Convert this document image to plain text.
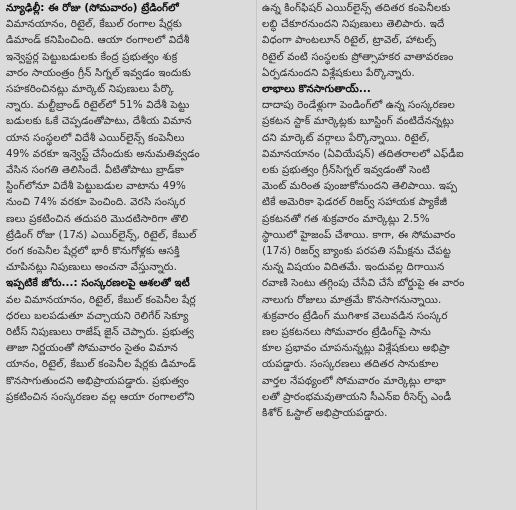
న్యూఢిల్లీ: ఈ రోజు (సోమవారం) ట్రేడింగ్‌లో
విమానయానం, రిటైల్, కేబుల్ రంగాల షేర్లకు
డిమాండ్ కనిపించింది. ఆయా రంగాలలో విదేశీ
ఇన్వెస్టర్ల పెట్టుబడులకు కేంద్ర ప్రభుత్వం శుక్ర
వారం సాయంత్రం గ్రీన్ సిగ్నల్ ఇవ్వడం ఇందుకు
సహకరించినట్లు మార్కెట్ నిపుణులు పేర్కొ
న్నారు. మల్టీబ్రాండ్ రిటైల్‌లో 51% విదేశీ పెట్టు
బడులకు ఓకే చెప్పడంతోపాటు, దేశీయ విమాన
యాన సంస్థలలో విదేశీ ఎయిర్‌లైన్స్ కంపెనీలు
49% వరకూ ఇన్వెస్ట్ చేసేందుకు అనుమతివ్వడం
వేసిన సంగతి తెలిసిందే. వీటితోపాటు బ్రాడ్‌కా
స్టింగ్‌లోనూ విదేశీ పెట్టుబడుల వాటాను 49%
నుంచి 74% వరకూ పెంచింది. వెరసి సంస్కర
ణలు ప్రకటించిన తదుపరి మొదటిసారిగా తొలి
ట్రేడింగ్ రోజు (17న) ఎయిర్‌లైన్స్, రిటైల్, కేబుల్
రంగ కంపెనీల షేర్లలో భారీ కొనుగోళ్లకు ఆసక్తి
చూపినట్లు నిపుణులు అంచనా వేస్తున్నారు.
ఇప్పటికే జోరు...: సంస్కరణలపై ఆశలతో ఇటీ
వల విమానయానం, రిటైల్, కేబుల్ కంపెనీల షేర్ల
ధరలు బలపడుతూ వచ్చాయని రెలిగేర్ సెక్యూ
రిటీస్ నిపుణులు రాజేష్ జైన్ చెప్పారు. ప్రభుత్వ
తాజా నిర్ణయంతో సోమవారం సైతం విమాన
యానం, రిటైల్, కేబుల్ కంపెనీల షేర్లకు డిమాండ్
కొనసాగుతుందని అభిప్రాయపడ్డారు. ప్రభుత్వం
ప్రకటించిన సంస్కరణల వల్ల ఆయా రంగాలలోని
ఉన్న కింగ్‌ఫిషర్ ఎయిర్‌లైన్స్ తదితర కంపెనీలకు
లబ్ధి చేకూరనుందని నిపుణులు తెలిపారు. ఇదే
విధంగా పాంటలూన్ రిటైల్, ట్రావెల్, హాటల్స్
రిటైల్ వంటి సంస్థలకు ప్రోత్సాహకర వాతావరణం
ఏర్పడనుందని విశ్లేషకులు పేర్కొన్నారు.
లాభాలు కొనసాగుతాయ్...
దాదాపు రెండేళ్లుగా పెండింగ్‌లో ఉన్న సంస్కరణల
ప్రకటన స్టాక్ మార్కెట్లకు బూస్టింగ్ వంటిదేనన్నట్లు
దని మార్కెట్ వర్గాలు పేర్కొన్నాయి. రిటైల్,
విమానయానం (ఏవియేషన్) తదితరాలలో ఎఫ్‌డీఐ
లకు ప్రభుత్వం గ్రీన్‌సిగ్నల్ ఇవ్వడంతో సెంటి
మెంట్ మరింత పుంజుకోనుందని తెలిపాయి. ఇప్ప
టికే అమెరికా ఫెడరల్ రిజర్వ్ సహాయక ప్యాకేజీ
ప్రకటనతో గత శుక్రవారం మార్కెట్లు 2.5%
స్థాయిలో హైజంప్ చేశాయి. కాగా, ఈ సోమవారం
(17న) రిజర్వ్ బ్యాంకు పరపతి సమీక్షను చేపట్ట
నున్న విషయం విదితమే. ఇందువల్ల దిగాయిన
రవాణి సెంటు తగ్గింపు చేసేవి చేసే బోర్డుపై ఈ వారం
నాలుగు రోజులు మాత్రమే కొనసాగనున్నాయి.
శుక్రవారం ట్రేడింగ్ ముగిశాక వెలువడిన సంస్కర
ణల ప్రకటనలు సోమవారం ట్రేడింగ్‌పై సాను
కూల ప్రభావం చూపనున్నట్లు విశ్లేషకులు అభిప్రా
యపడ్డారు. సంస్కరణలు తదితర సానుకూల
వార్తల నేపథ్యంలో సోమవారం మార్కెట్లు లాభా
లతో ప్రారంభమవుతాయని సీఎన్‌ఐ రీసెర్చ్ ఎండీ
కిశోర్ ఓస్టాల్ అభిప్రాయపడ్డారు.
